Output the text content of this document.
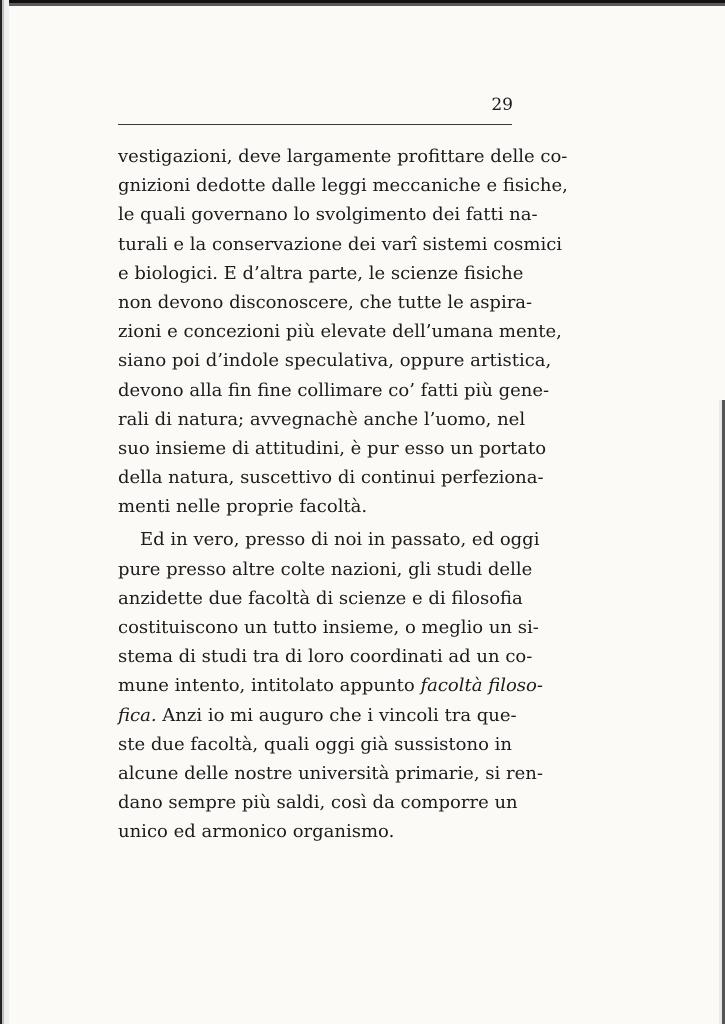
29
vestigazioni, deve largamente profittare delle co-
gnizioni dedotte dalle leggi meccaniche e fisiche,
le quali governano lo svolgimento dei fatti na-
turali e la conservazione dei varî sistemi cosmici
e biologici. E d’altra parte, le scienze fisiche
non devono disconoscere, che tutte le aspira-
zioni e concezioni più elevate dell’umana mente,
siano poi d’indole speculativa, oppure artistica,
devono alla fin fine collimare co’ fatti più gene-
rali di natura; avvegnachè anche l’uomo, nel
suo insieme di attitudini, è pur esso un portato
della natura, suscettivo di continui perfeziona-
menti nelle proprie facoltà.
Ed in vero, presso di noi in passato, ed oggi
pure presso altre colte nazioni, gli studi delle
anzidette due facoltà di scienze e di filosofia
costituiscono un tutto insieme, o meglio un si-
stema di studi tra di loro coordinati ad un co-
mune intento, intitolato appunto facoltà filoso-
fica. Anzi io mi auguro che i vincoli tra que-
ste due facoltà, quali oggi già sussistono in
alcune delle nostre università primarie, si ren-
dano sempre più saldi, così da comporre un
unico ed armonico organismo.
